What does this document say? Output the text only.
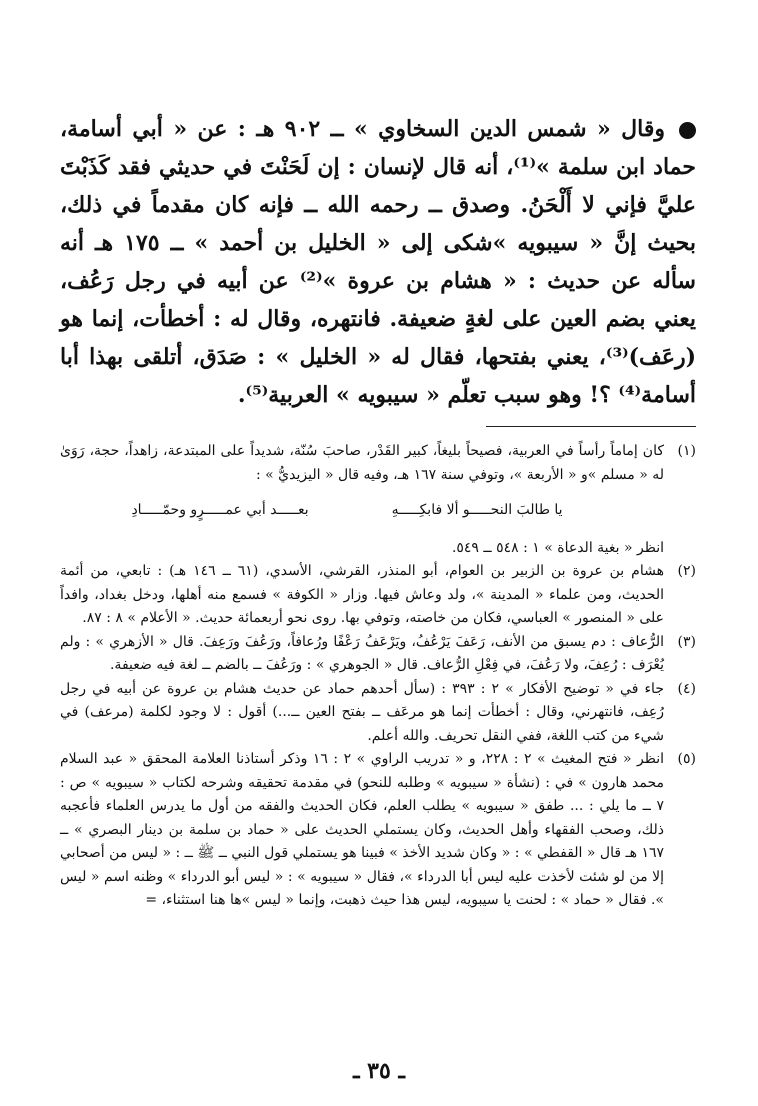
وقال « شمس الدين السخاوي » ــ ٩٠٢ هـ : عن « أبي أسامة، حماد ابن سلمة »⁽¹⁾، أنه قال لإنسان : إن لَحَنْتَ في حديثي فقد كَذَبْتَ عليَّ فإني لا أَلْحَنُ. وصدق ــ رحمه الله ــ فإنه كان مقدماً في ذلك، بحيث إنَّ « سيبويه »شكى إلى « الخليل بن أحمد » ــ ١٧٥ هـ أنه سأله عن حديث : « هشام بن عروة »⁽²⁾ عن أبيه في رجل رَعُف، يعني بضم العين على لغةٍ ضعيفة. فانتهره، وقال له : أخطأت، إنما هو (رعَف)⁽³⁾، يعني بفتحها، فقال له « الخليل » : صَدَق، أتلقى بهذا أبا أسامة⁽⁴⁾ ؟! وهو سبب تعلّم « سيبويه » العربية⁽⁵⁾.

(١)

كان إماماً رأساً في العربية، فصيحاً بليغاً، كبير القَدْر، صاحبَ سُنّة، شديداً على المبتدعة، زاهداً، حجة، رَوَىٰ له « مسلم »و « الأربعة »، وتوفي سنة ١٦٧ هـ، وفيه قال « اليزيديُّ » :

يا طالبَ النحـــــو ألا فابكِـــــهِ
بعـــــد أبي عمـــــرٍو وحمّـــــادِ

انظر « بغية الدعاة » ١ : ٥٤٨ ــ ٥٤٩.

(٢)

هشام بن عروة بن الزبير بن العوام، أبو المنذر، القرشي، الأسدي، (٦١ ــ ١٤٦ هـ) : تابعي، من أئمة الحديث، ومن علماء « المدينة »، ولد وعاش فيها. وزار « الكوفة » فسمع منه أهلها، ودخل بغداد، وافداً على « المنصور » العباسي، فكان من خاصته، وتوفي بها. روى نحو أربعمائة حديث. « الأعلام » ٨ : ٨٧.

(٣)

الرُّعاف : دم يسبق من الأنف، رَعَفَ يَرْعُفُ، ويَرْعَفُ رَعْفًا ورُعافاً، ورَعُفَ ورَعِفَ. قال « الأزهري » : ولم يُعْرَف : رُعِفَ، ولا رَعُفَ، في فِعْلِ الرُّعاف. قال « الجوهري » : ورَعُفَ ــ بالضم ــ لغة فيه ضعيفة.

(٤)

جاء في « توضيح الأفكار » ٢ : ٣٩٣ : (سأل أحدهم حماد عن حديث هشام بن عروة عن أبيه في رجل رُعِف، فانتهرني، وقال : أخطأت إنما هو مرعَف ــ بفتح العين ــ...) أقول : لا وجود لكلمة (مرعف) في شيء من كتب اللغة، ففي النقل تحريف. والله أعلم.

(٥)

انظر « فتح المغيث » ٢ : ٢٢٨، و « تدريب الراوي » ٢ : ١٦ وذكر أستاذنا العلامة المحقق « عبد السلام محمد هارون » في : (نشأة « سيبويه » وطلبه للنحو) في مقدمة تحقيقه وشرحه لكتاب « سيبويه » ص : ٧ ــ ما يلي : ... طفق « سيبويه » يطلب العلم، فكان الحديث والفقه من أول ما يدرس العلماء فأعجبه ذلك، وصحب الفقهاء وأهل الحديث، وكان يستملي الحديث على « حماد بن سلمة بن دينار البصري » ــ ١٦٧ هـ قال « القفطي » : « وكان شديد الأخذ » فبينا هو يستملي قول النبي ــ ﷺ ــ : « ليس من أصحابي إلا من لو شئت لأخذت عليه ليس أبا الدرداء »، فقال « سيبويه » : « ليس أبو الدرداء » وظنه اسم « ليس ». فقال « حماد » : لحنت يا سيبويه، ليس هذا حيث ذهبت، وإنما « ليس »ها هنا استثناء، =

ـ ٣٥ ـ
